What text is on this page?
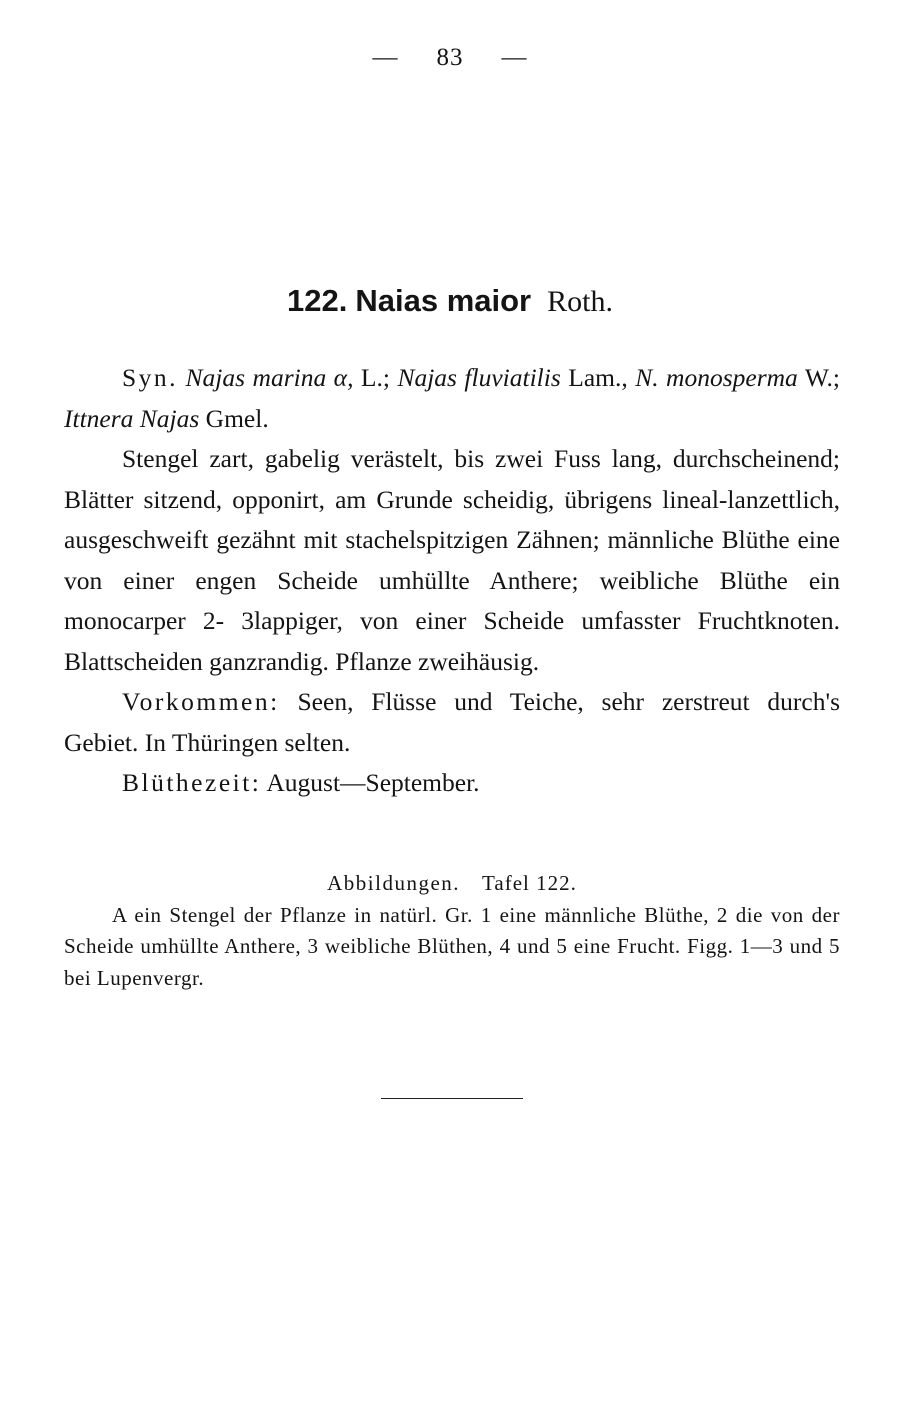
— 83 —
122. Naias maior Roth.

Syn. Najas marina α, L.; Najas fluviatilis Lam., N. monosperma W.; Ittnera Najas Gmel.

Stengel zart, gabelig verästelt, bis zwei Fuss lang, durchscheinend; Blätter sitzend, opponirt, am Grunde scheidig, übrigens lineal-lanzettlich, ausgeschweift gezähnt mit stachelspitzigen Zähnen; männliche Blüthe eine von einer engen Scheide umhüllte Anthere; weibliche Blüthe ein monocarper 2- 3lappiger, von einer Scheide umfasster Fruchtknoten. Blattscheiden ganzrandig. Pflanze zweihäusig.

Vorkommen: Seen, Flüsse und Teiche, sehr zerstreut durch's Gebiet. In Thüringen selten.

Blüthezeit: August—September.

Abbildungen. Tafel 122.

A ein Stengel der Pflanze in natürl. Gr. 1 eine männliche Blüthe, 2 die von der Scheide umhüllte Anthere, 3 weibliche Blüthen, 4 und 5 eine Frucht. Figg. 1—3 und 5 bei Lupenvergr.
